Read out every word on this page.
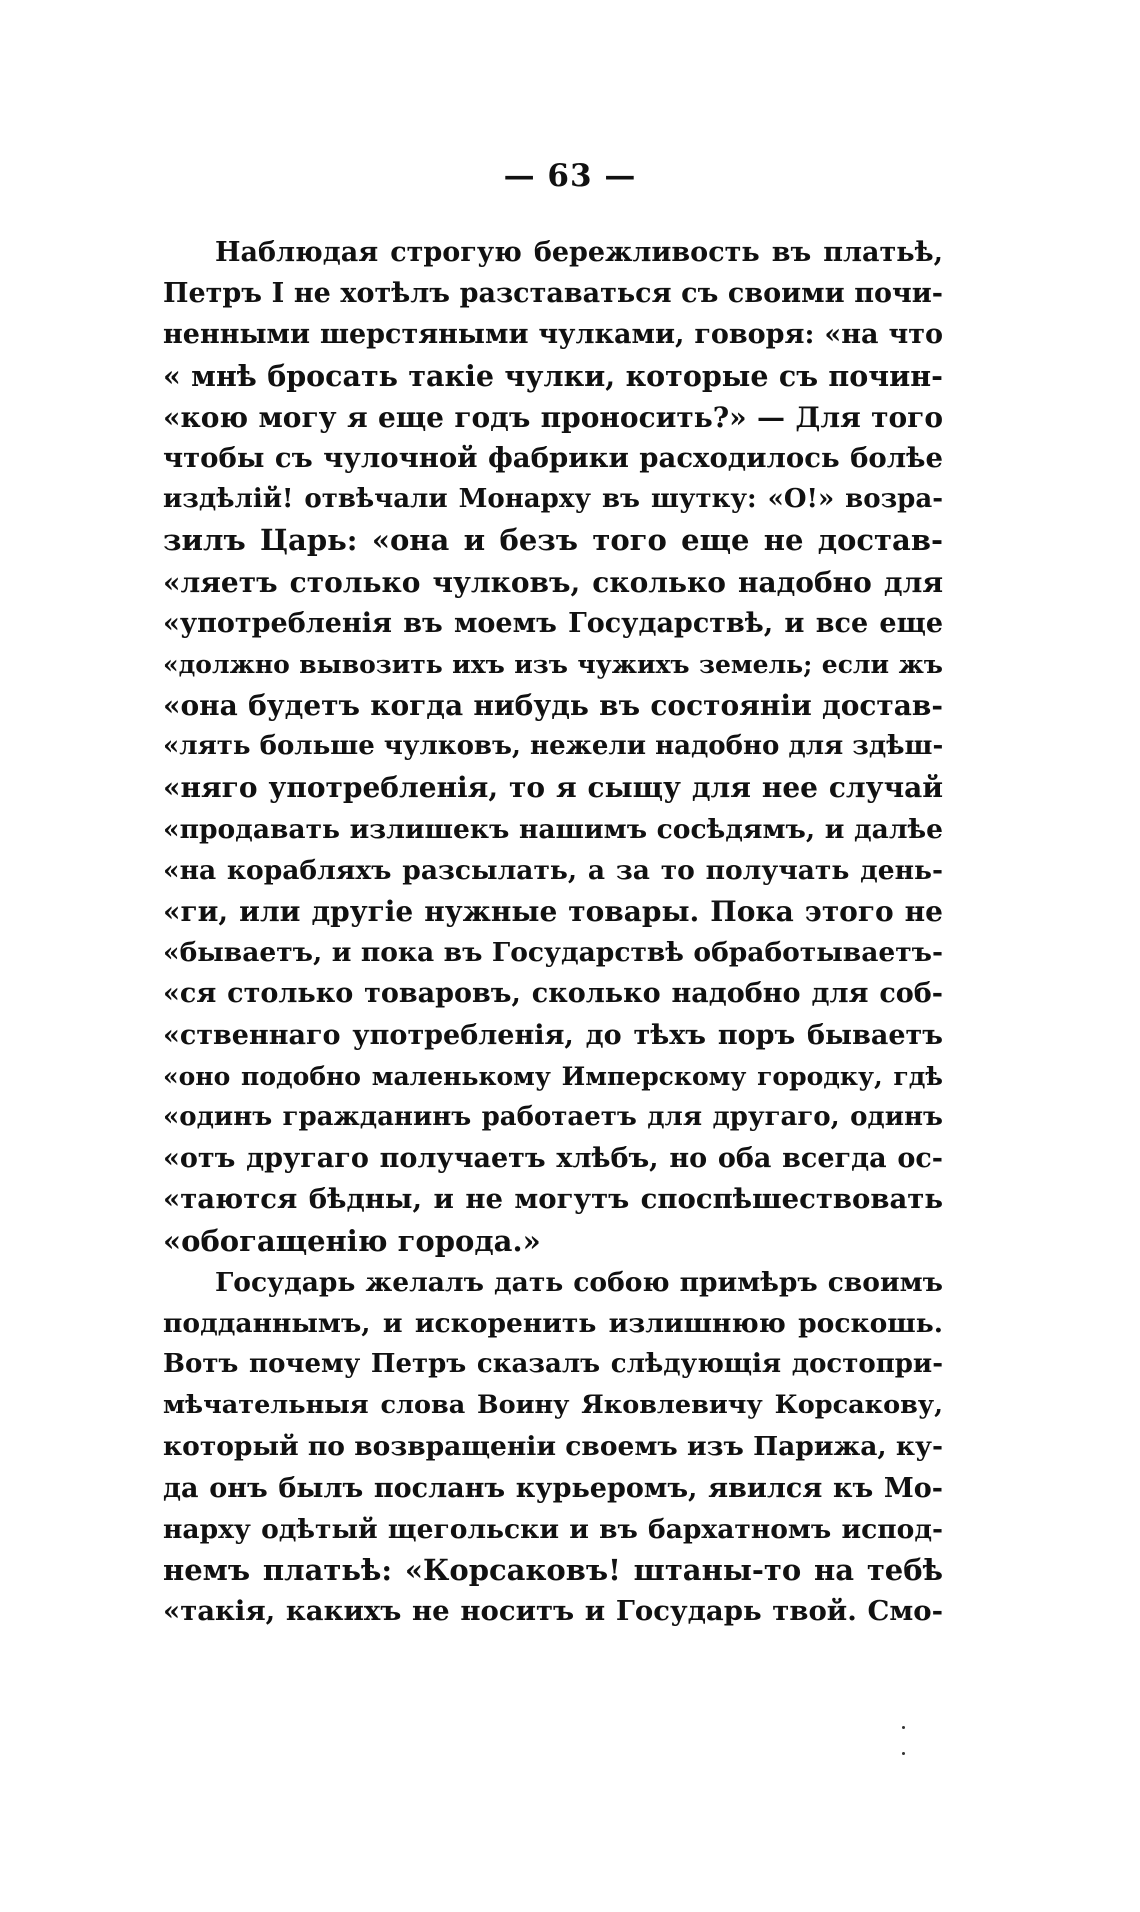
— 63 —
Наблюдая строгую бережливость въ платьѣ,
Петръ I не хотѣлъ разставаться съ своими почи-
ненными шерстяными чулками, говоря: «на что
« мнѣ бросать такіе чулки, которые съ почин-
«кою могу я еще годъ проносить?» — Для того
чтобы съ чулочной фабрики расходилось болѣе
издѣлій! отвѣчали Монарху въ шутку: «О!» возра-
зилъ Царь: «она и безъ того еще не достав-
«ляетъ столько чулковъ, сколько надобно для
«употребленія въ моемъ Государствѣ, и все еще
«должно вывозить ихъ изъ чужихъ земель; если жъ
«она будетъ когда нибудь въ состояніи достав-
«лять больше чулковъ, нежели надобно для здѣш-
«няго употребленія, то я сыщу для нее случай
«продавать излишекъ нашимъ сосѣдямъ, и далѣе
«на корабляхъ разсылать, а за то получать день-
«ги, или другіе нужные товары. Пока этого не
«бываетъ, и пока въ Государствѣ обработываетъ-
«ся столько товаровъ, сколько надобно для соб-
«ственнаго употребленія, до тѣхъ поръ бываетъ
«оно подобно маленькому Имперскому городку, гдѣ
«одинъ гражданинъ работаетъ для другаго, одинъ
«отъ другаго получаетъ хлѣбъ, но оба всегда ос-
«таются бѣдны, и не могутъ споспѣшествовать
«обогащенію города.»
Государь желалъ дать собою примѣръ своимъ
подданнымъ, и искоренить излишнюю роскошь.
Вотъ почему Петръ сказалъ слѣдующія достопри-
мѣчательныя слова Воину Яковлевичу Корсакову,
который по возвращеніи своемъ изъ Парижа, ку-
да онъ былъ посланъ курьеромъ, явился къ Мо-
нарху одѣтый щегольски и въ бархатномъ испод-
немъ платьѣ: «Корсаковъ! штаны-то на тебѣ
«такія, какихъ не носитъ и Государь твой. Смо-
